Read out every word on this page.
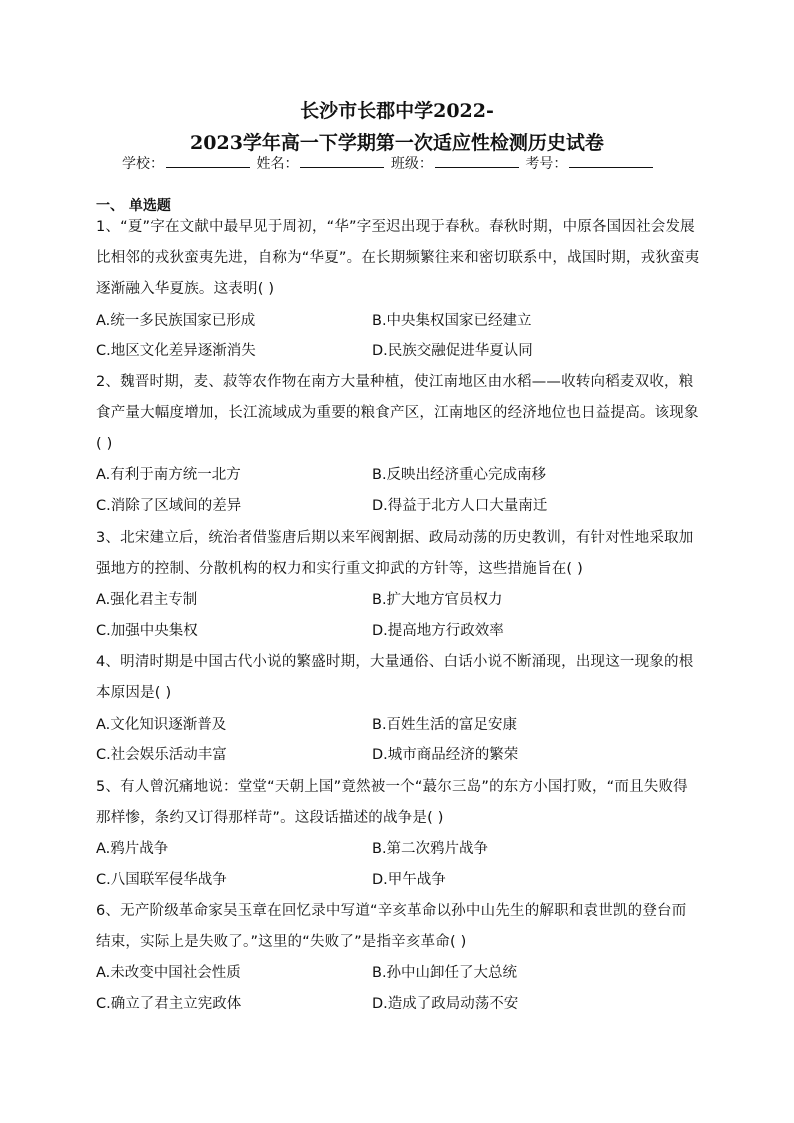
长沙市长郡中学2022-
2023学年高一下学期第一次适应性检测历史试卷
学校：	姓名：	班级：	考号：
一、 单选题

1、“夏”字在文献中最早见于周初，“华”字至迟出现于春秋。春秋时期，中原各国因社会发展比相邻的戎狄蛮夷先进，自称为“华夏”。在长期频繁往来和密切联系中，战国时期，戎狄蛮夷逐渐融入华夏族。这表明( )

A.统一多民族国家已形成	B.中央集权国家已经建立
C.地区文化差异逐渐消失	D.民族交融促进华夏认同

2、魏晋时期，麦、菽等农作物在南方大量种植，使江南地区由水稻——收转向稻麦双收，粮食产量大幅度增加，长江流域成为重要的粮食产区，江南地区的经济地位也日益提高。该现象( )

A.有利于南方统一北方	B.反映出经济重心完成南移
C.消除了区域间的差异	D.得益于北方人口大量南迁

3、北宋建立后，统治者借鉴唐后期以来军阀割据、政局动荡的历史教训，有针对性地采取加强地方的控制、分散机构的权力和实行重文抑武的方针等，这些措施旨在( )

A.强化君主专制	B.扩大地方官员权力
C.加强中央集权	D.提高地方行政效率

4、明清时期是中国古代小说的繁盛时期，大量通俗、白话小说不断涌现，出现这一现象的根本原因是( )

A.文化知识逐渐普及	B.百姓生活的富足安康
C.社会娱乐活动丰富	D.城市商品经济的繁荣

5、有人曾沉痛地说：堂堂“天朝上国”竟然被一个“蕞尔三岛”的东方小国打败，“而且失败得那样惨，条约又订得那样苛”。这段话描述的战争是( )

A.鸦片战争	B.第二次鸦片战争
C.八国联军侵华战争	D.甲午战争

6、无产阶级革命家吴玉章在回忆录中写道“辛亥革命以孙中山先生的解职和袁世凯的登台而结束，实际上是失败了。”这里的“失败了”是指辛亥革命( )

A.未改变中国社会性质	B.孙中山卸任了大总统
C.确立了君主立宪政体	D.造成了政局动荡不安
